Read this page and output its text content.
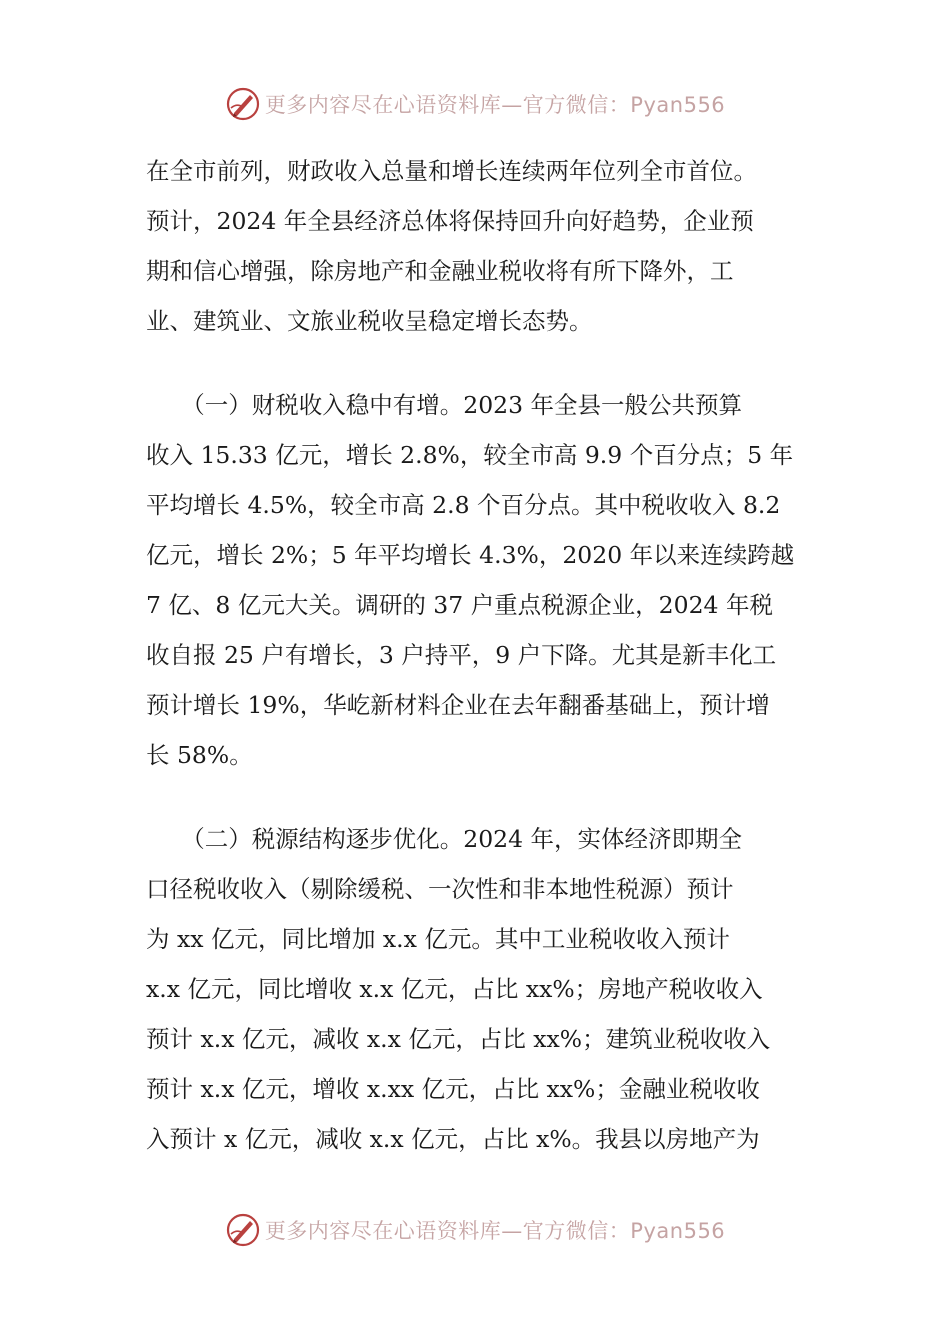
更多内容尽在心语资料库—官方微信：Pyan556
在全市前列，财政收入总量和增长连续两年位列全市首位。
预计，2024 年全县经济总体将保持回升向好趋势，企业预
期和信心增强，除房地产和金融业税收将有所下降外，工
业、建筑业、文旅业税收呈稳定增长态势。
　　（一）财税收入稳中有增。2023 年全县一般公共预算
收入 15.33 亿元，增长 2.8%，较全市高 9.9 个百分点；5 年
平均增长 4.5%，较全市高 2.8 个百分点。其中税收收入 8.2
亿元，增长 2%；5 年平均增长 4.3%，2020 年以来连续跨越
7 亿、8 亿元大关。调研的 37 户重点税源企业，2024 年税
收自报 25 户有增长，3 户持平，9 户下降。尤其是新丰化工
预计增长 19%，华屹新材料企业在去年翻番基础上，预计增
长 58%。
　　（二）税源结构逐步优化。2024 年，实体经济即期全
口径税收收入（剔除缓税、一次性和非本地性税源）预计
为 xx 亿元，同比增加 x.x 亿元。其中工业税收收入预计
x.x 亿元，同比增收 x.x 亿元，占比 xx%；房地产税收收入
预计 x.x 亿元，减收 x.x 亿元，占比 xx%；建筑业税收收入
预计 x.x 亿元，增收 x.xx 亿元，占比 xx%；金融业税收收
入预计 x 亿元，减收 x.x 亿元，占比 x%。我县以房地产为
更多内容尽在心语资料库—官方微信：Pyan556
